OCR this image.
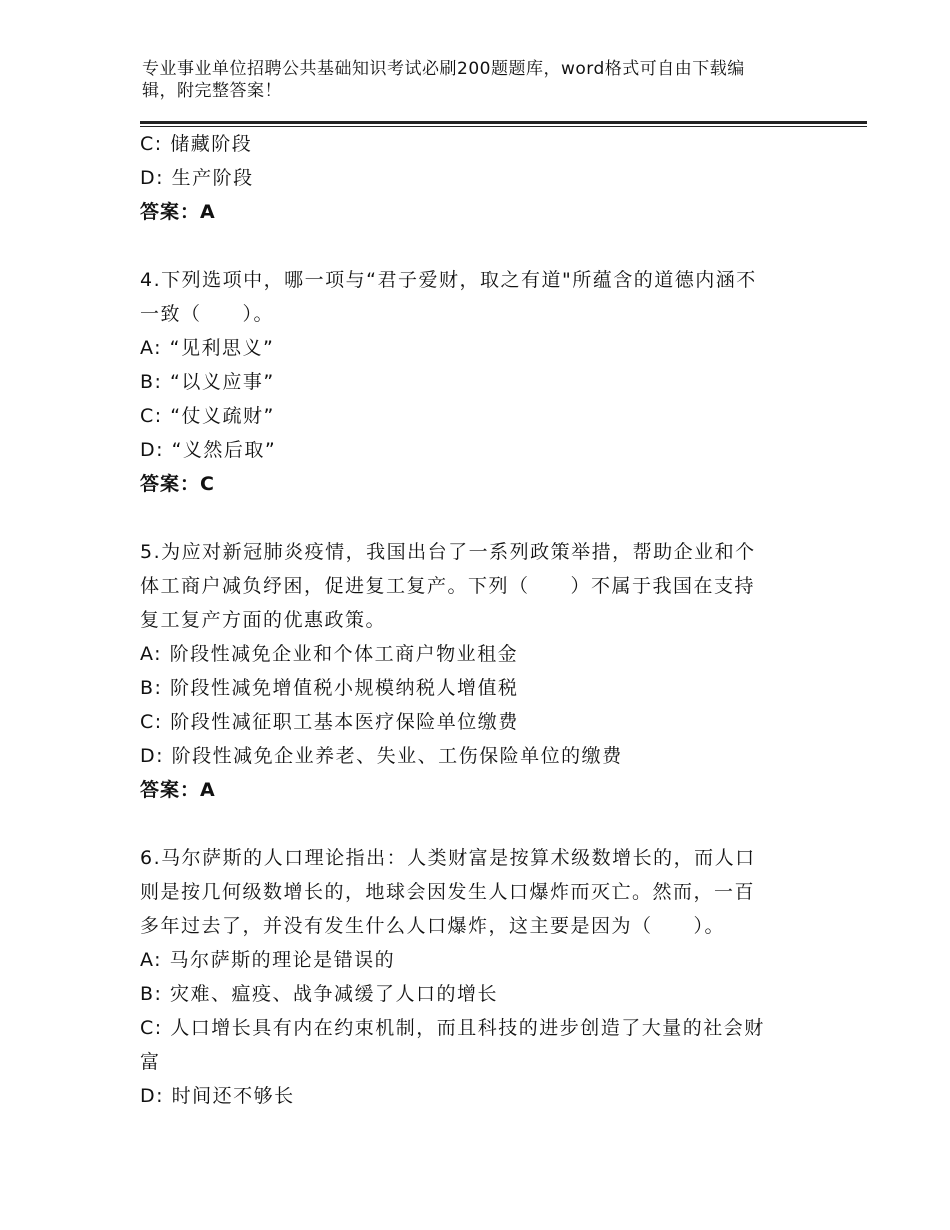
专业事业单位招聘公共基础知识考试必刷200题题库，word格式可自由下载编
辑，附完整答案！

C: 储藏阶段

D: 生产阶段

答案：A

4.下列选项中，哪一项与“君子爱财，取之有道"所蕴含的道德内涵不

一致（　　）。

A: “见利思义”

B: “以义应事”

C: “仗义疏财”

D: “义然后取”

答案：C

5.为应对新冠肺炎疫情，我国出台了一系列政策举措，帮助企业和个

体工商户减负纾困，促进复工复产。下列（　　）不属于我国在支持

复工复产方面的优惠政策。

A: 阶段性减免企业和个体工商户物业租金

B: 阶段性减免增值税小规模纳税人增值税

C: 阶段性减征职工基本医疗保险单位缴费

D: 阶段性减免企业养老、失业、工伤保险单位的缴费

答案：A

6.马尔萨斯的人口理论指出：人类财富是按算术级数增长的，而人口

则是按几何级数增长的，地球会因发生人口爆炸而灭亡。然而，一百

多年过去了，并没有发生什么人口爆炸，这主要是因为（　　）。

A: 马尔萨斯的理论是错误的

B: 灾难、瘟疫、战争减缓了人口的增长

C: 人口增长具有内在约束机制，而且科技的进步创造了大量的社会财

富

D: 时间还不够长
